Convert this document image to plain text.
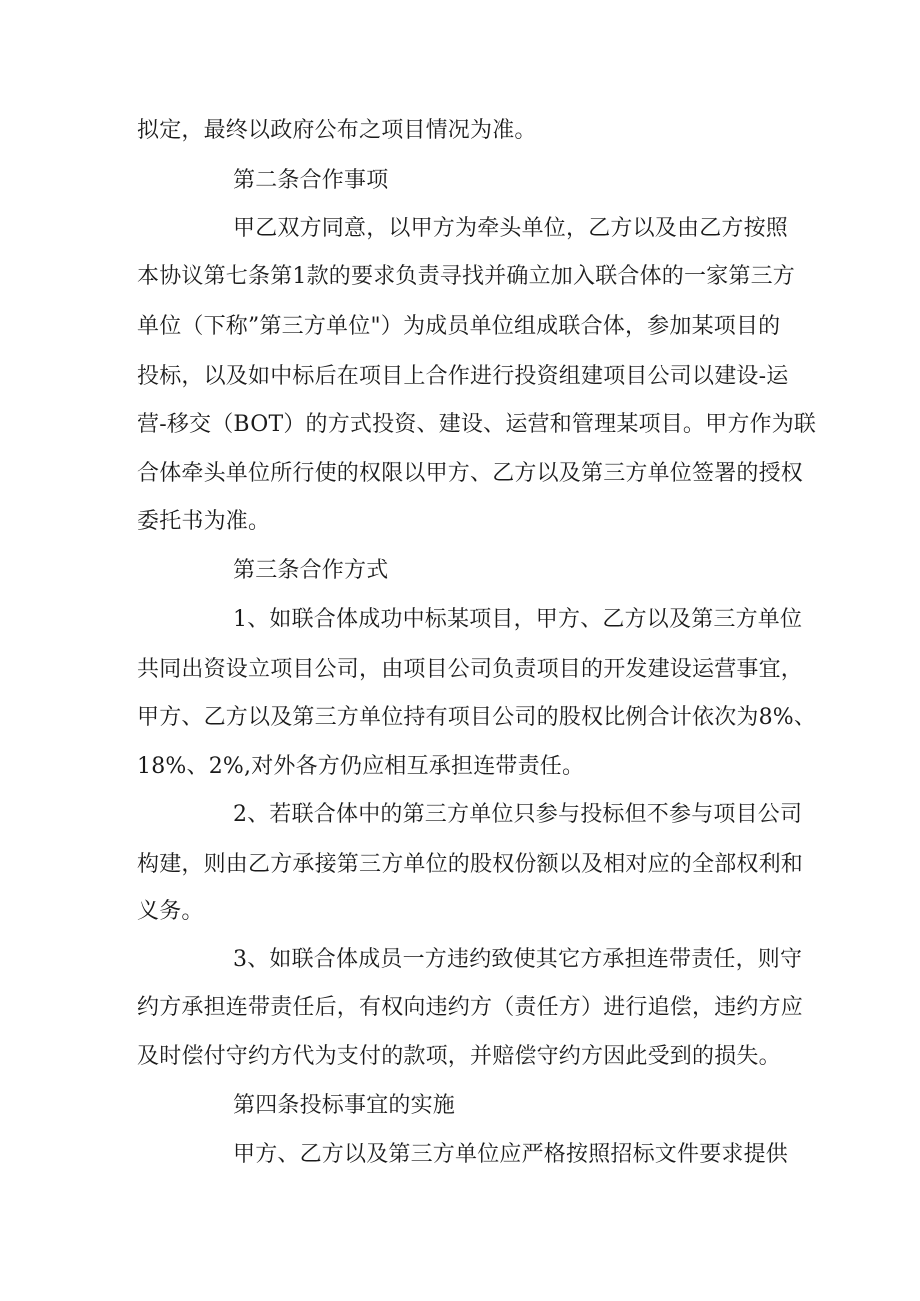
拟定，最终以政府公布之项目情况为准。
第二条合作事项
甲乙双方同意，以甲方为牵头单位，乙方以及由乙方按照
本协议第七条第1款的要求负责寻找并确立加入联合体的一家第三方
单位（下称”第三方单位"）为成员单位组成联合体，参加某项目的
投标，以及如中标后在项目上合作进行投资组建项目公司以建设-运
营-移交（BOT）的方式投资、建设、运营和管理某项目。甲方作为联
合体牵头单位所行使的权限以甲方、乙方以及第三方单位签署的授权
委托书为准。
第三条合作方式
1、如联合体成功中标某项目，甲方、乙方以及第三方单位
共同出资设立项目公司，由项目公司负责项目的开发建设运营事宜，
甲方、乙方以及第三方单位持有项目公司的股权比例合计依次为8%、
18%、2%,对外各方仍应相互承担连带责任。
2、若联合体中的第三方单位只参与投标但不参与项目公司
构建，则由乙方承接第三方单位的股权份额以及相对应的全部权利和
义务。
3、如联合体成员一方违约致使其它方承担连带责任，则守
约方承担连带责任后，有权向违约方（责任方）进行追偿，违约方应
及时偿付守约方代为支付的款项，并赔偿守约方因此受到的损失。
第四条投标事宜的实施
甲方、乙方以及第三方单位应严格按照招标文件要求提供
